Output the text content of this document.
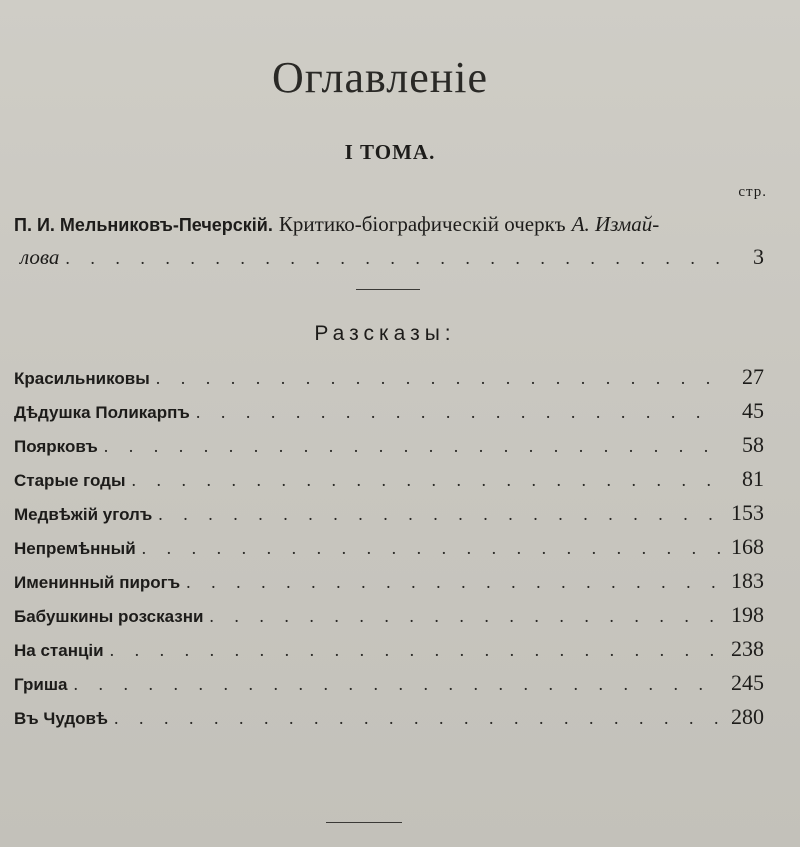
Оглавленіе
I ТОМА.
стр.
П. И. Мельниковъ-Печерскій. Критико-біографическій очеркъ А. Измай-
лова . . .	3
Разсказы:
Красильниковы . . .	27
Дѣдушка Поликарпъ . . .	45
Поярковъ . . .	58
Старые годы . . .	81
Медвѣжій уголъ . . .	153
Непремѣнный . . .	168
Именинный пирогъ . . .	183
Бабушкины розсказни . . .	198
На станціи . . .	238
Гриша . . .	245
Въ Чудовѣ . . .	280
